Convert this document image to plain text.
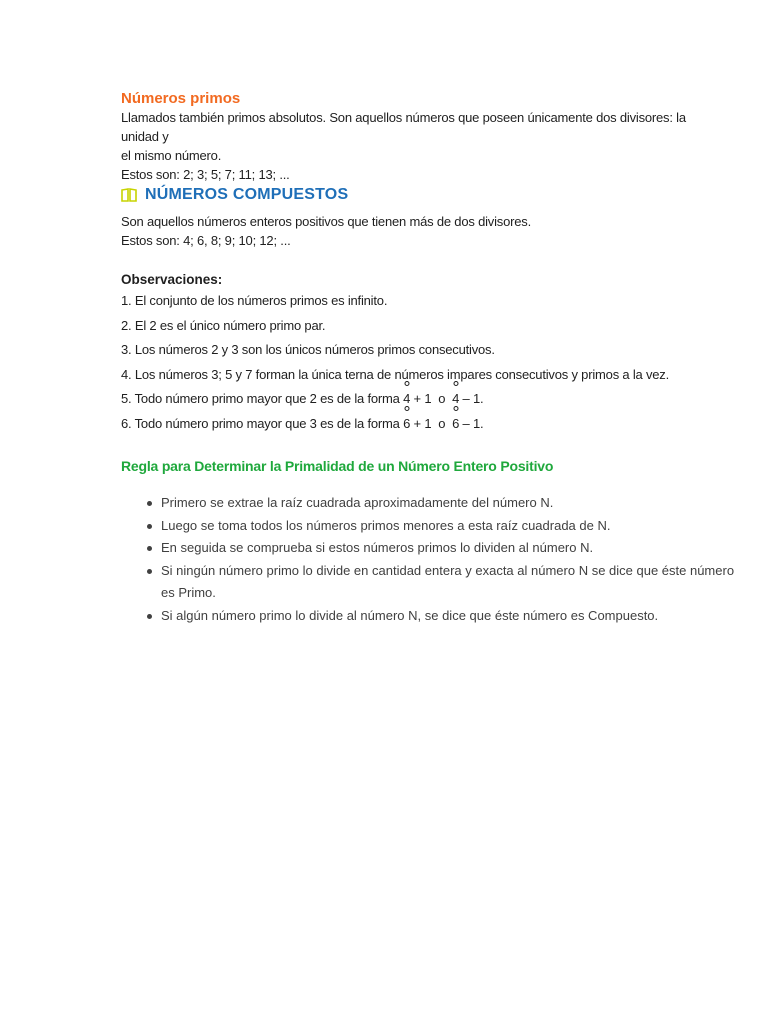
Números primos

Llamados también primos absolutos. Son aquellos números que poseen únicamente dos divisores: la unidad y

el mismo número.

Estos son: 2; 3; 5; 7; 11; 13; ...

NÚMEROS COMPUESTOS

Son aquellos números enteros positivos que tienen más de dos divisores.

Estos son: 4; 6, 8; 9; 10; 12; ...

Observaciones:

1. El conjunto de los números primos es infinito.
2. El 2 es el único número primo par.
3. Los números 2 y 3 son los únicos números primos consecutivos.
4. Los números 3; 5 y 7 forman la única terna de números impares consecutivos y primos a la vez.
5. Todo número primo mayor que 2 es de la forma 4 + 1  o  4 – 1.
6. Todo número primo mayor que 3 es de la forma 6 + 1  o  6 – 1.
Regla para Determinar la Primalidad de un Número Entero Positivo
Primero se extrae la raíz cuadrada aproximadamente del número N.
Luego se toma todos los números primos menores a esta raíz cuadrada de N.
En seguida se comprueba si estos números primos lo dividen al número N.
Si ningún número primo lo divide en cantidad entera y exacta al número N se dice que éste número es Primo.
Si algún número primo lo divide al número N, se dice que éste número es Compuesto.
